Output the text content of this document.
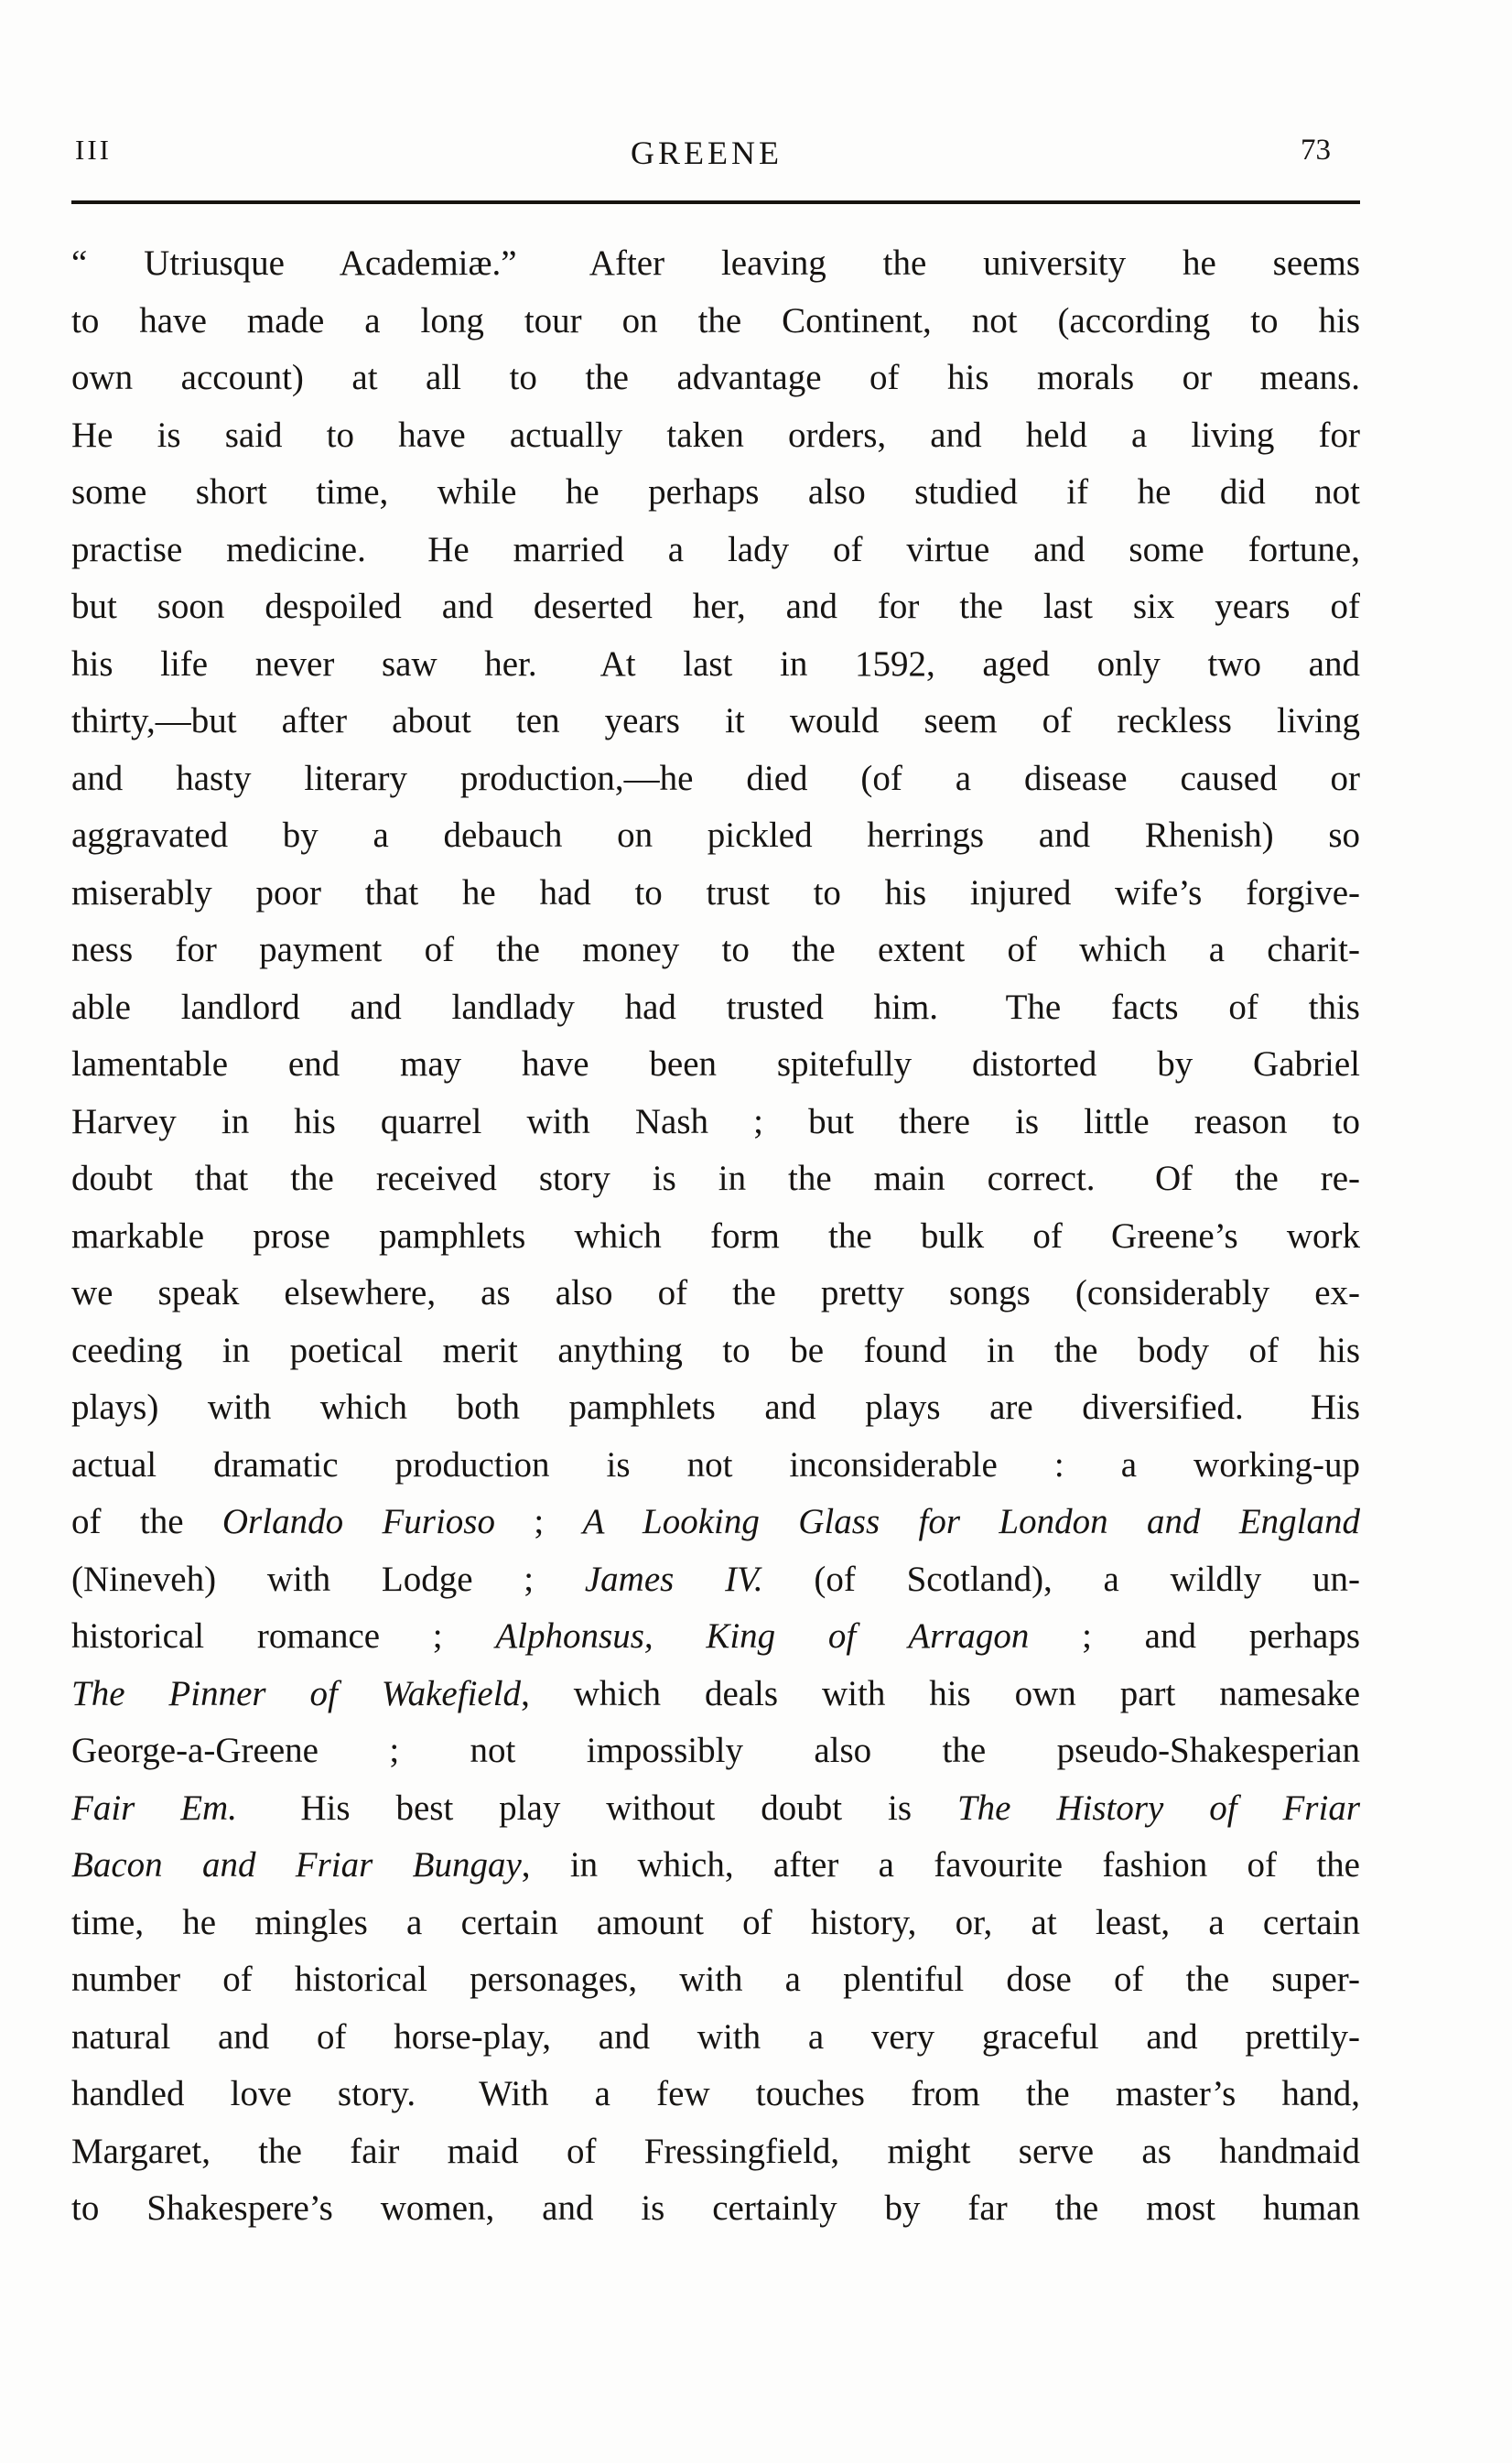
III	GREENE	73

“ Utriusque Academiæ.”  After leaving the university he seems

to have made a long tour on the Continent, not (according to his

own account) at all to the advantage of his morals or means.

He is said to have actually taken orders, and held a living for

some short time, while he perhaps also studied if he did not

practise medicine.  He married a lady of virtue and some fortune,

but soon despoiled and deserted her, and for the last six years of

his life never saw her.  At last in 1592, aged only two and

thirty,—but after about ten years it would seem of reckless living

and hasty literary production,—he died (of a disease caused or

aggravated by a debauch on pickled herrings and Rhenish) so

miserably poor that he had to trust to his injured wife’s forgive-

ness for payment of the money to the extent of which a charit-

able landlord and landlady had trusted him.  The facts of this

lamentable end may have been spitefully distorted by Gabriel

Harvey in his quarrel with Nash ; but there is little reason to

doubt that the received story is in the main correct.  Of the re-

markable prose pamphlets which form the bulk of Greene’s work

we speak elsewhere, as also of the pretty songs (considerably ex-

ceeding in poetical merit anything to be found in the body of his

plays) with which both pamphlets and plays are diversified.  His

actual dramatic production is not inconsiderable : a working-up

of the Orlando Furioso ; A Looking Glass for London and England

(Nineveh) with Lodge ; James IV. (of Scotland), a wildly un-

historical romance ; Alphonsus, King of Arragon ; and perhaps

The Pinner of Wakefield, which deals with his own part namesake

George-a-Greene ; not impossibly also the pseudo-Shakesperian

Fair Em.  His best play without doubt is The History of Friar

Bacon and Friar Bungay, in which, after a favourite fashion of the

time, he mingles a certain amount of history, or, at least, a certain

number of historical personages, with a plentiful dose of the super-

natural and of horse-play, and with a very graceful and prettily-

handled love story.  With a few touches from the master’s hand,

Margaret, the fair maid of Fressingfield, might serve as handmaid

to Shakespere’s women, and is certainly by far the most human
